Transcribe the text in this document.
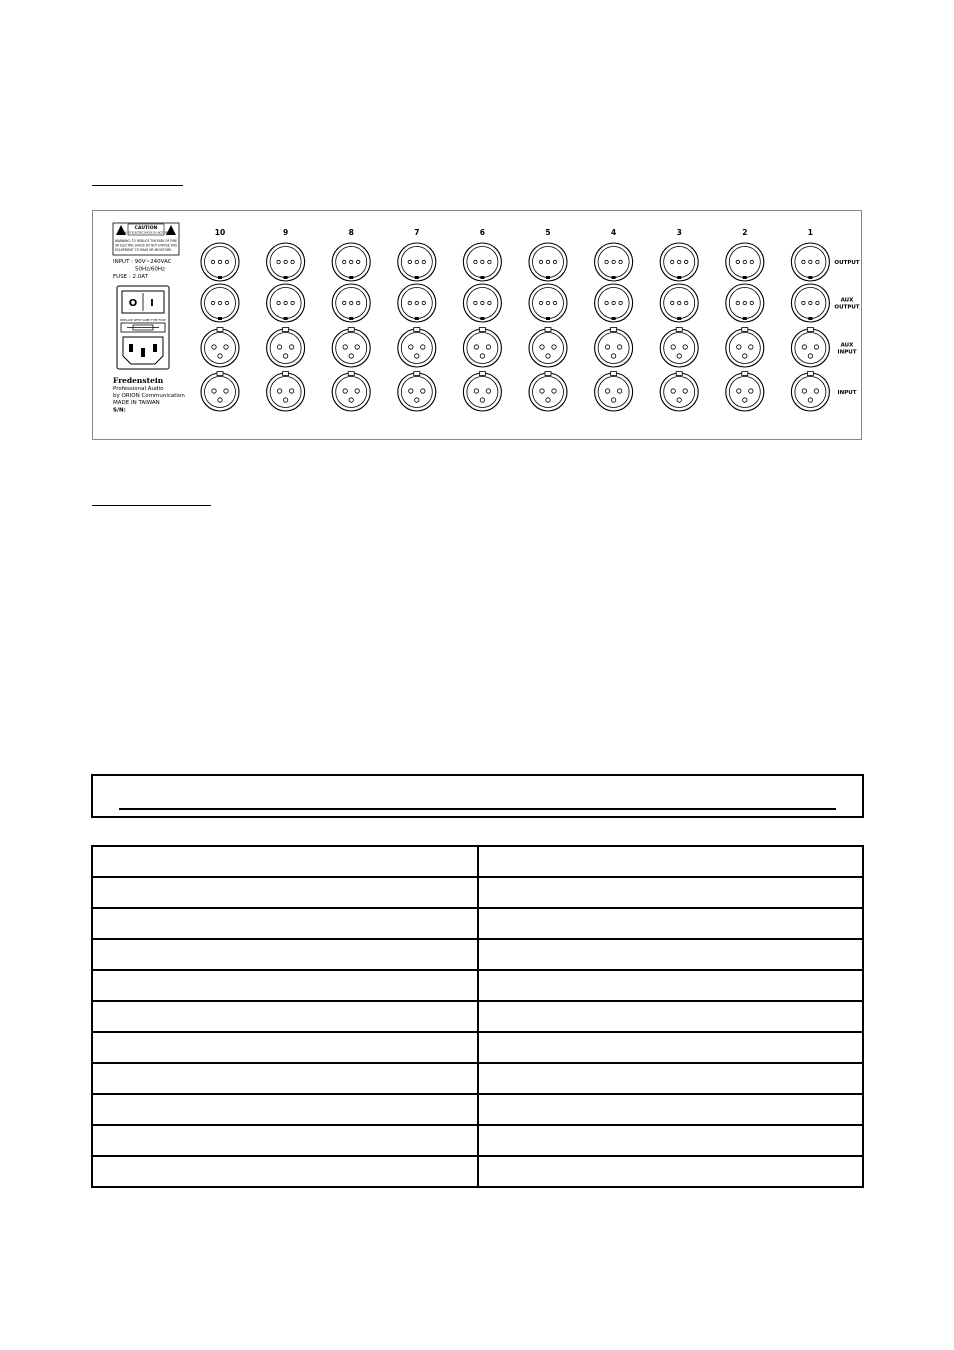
CAUTION
RISK OF ELECTRIC SHOCK DO NOT OPEN
WARNING: TO REDUCE THE RISK OF FIRE
OR ELECTRIC SHOCK DO NOT EXPOSE THIS
EQUIPMENT TO RAIN OR MOISTURE
INPUT : 90V~240VAC
50Hz/60Hz
FUSE : 2.0AT
O I
REPLACE WITH SAME TYPE FUSE
Fredenstein
Professional Audio
by ORION Communication
MADE IN TAIWAN
S/N:
10	9	8	7	6	5	4	3	2	1
OUTPUT
AUX
OUTPUT
AUX
INPUT
INPUT
